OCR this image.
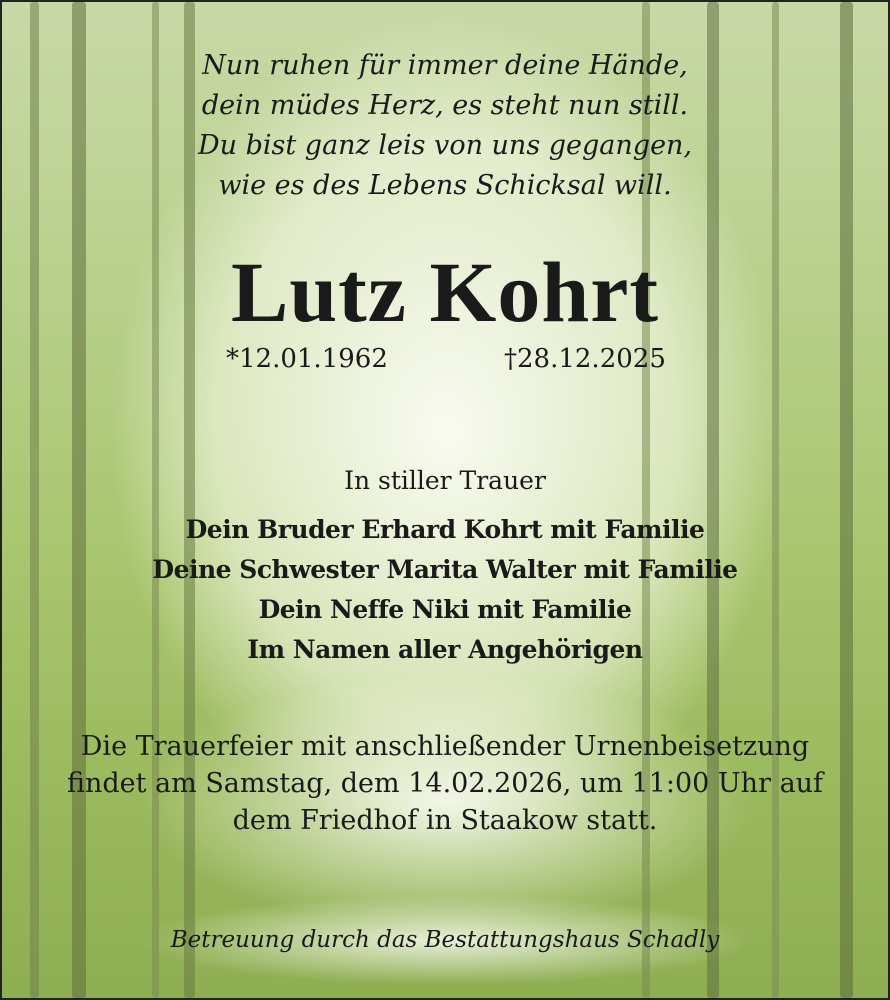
Nun ruhen für immer deine Hände,
dein müdes Herz, es steht nun still.
Du bist ganz leis von uns gegangen,
wie es des Lebens Schicksal will.
Lutz Kohrt
*12.01.1962	†28.12.2025
In stiller Trauer
Dein Bruder Erhard Kohrt mit Familie
Deine Schwester Marita Walter mit Familie
Dein Neffe Niki mit Familie
Im Namen aller Angehörigen
Die Trauerfeier mit anschließender Urnenbeisetzung
findet am Samstag, dem 14.02.2026, um 11:00 Uhr auf
dem Friedhof in Staakow statt.
Betreuung durch das Bestattungshaus Schadly
